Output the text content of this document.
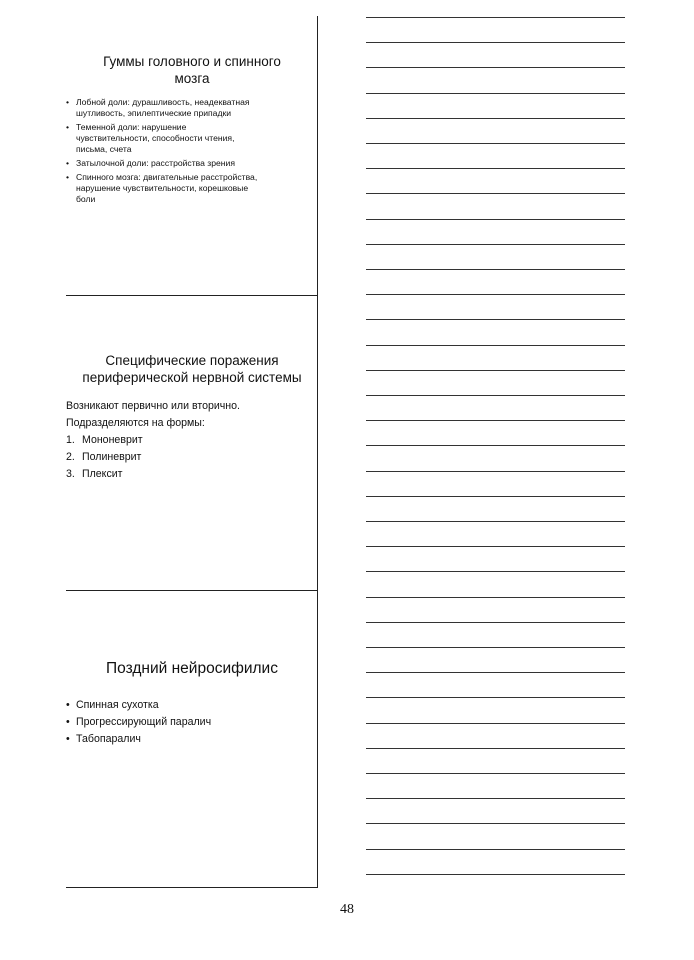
Гуммы головного и спинного
мозга
• Лобной доли: дурашливость, неадекватная
шутливость, эпилептические припадки
• Теменной доли: нарушение
чувствительности, способности чтения,
письма, счета
• Затылочной доли: расстройства зрения
• Спинного мозга: двигательные расстройства,
нарушение чувствительности, корешковые
боли
Специфические поражения
периферической нервной системы

Возникают первично или вторично.

Подразделяются на формы:

1. Мононеврит
2. Полиневрит
3. Плексит
Поздний нейросифилис
• Спинная сухотка
• Прогрессирующий паралич
• Табопаралич
48
